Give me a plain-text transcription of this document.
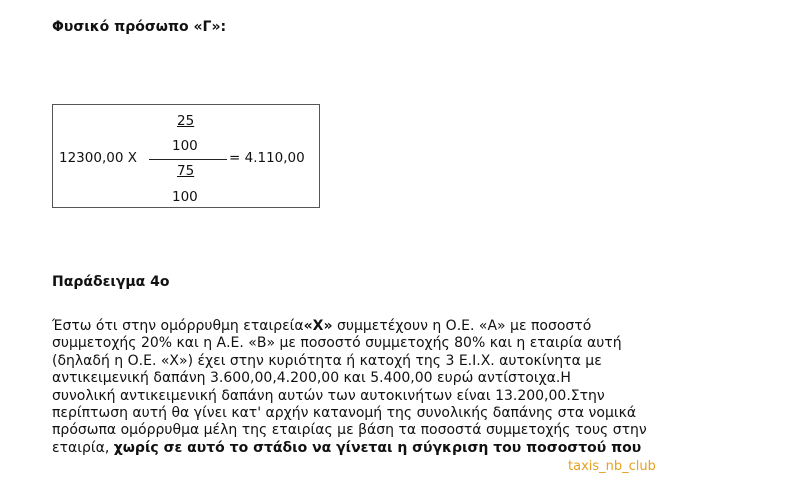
Φυσικό πρόσωπο «Γ»:
25
100
12300,00 Χ	= 4.110,00
75
100
Παράδειγμα 4ο
Έστω ότι στην ομόρρυθμη εταιρεία«Χ» συμμετέχουν η Ο.Ε. «Α» με ποσοστό
συμμετοχής 20% και η Α.Ε. «Β» με ποσοστό συμμετοχής 80% και η εταιρία αυτή
(δηλαδή η Ο.Ε. «Χ») έχει στην κυριότητα ή κατοχή της 3 Ε.Ι.Χ. αυτοκίνητα με
αντικειμενική δαπάνη 3.600,00,4.200,00 και 5.400,00 ευρώ αντίστοιχα.Η
συνολική αντικειμενική δαπάνη αυτών των αυτοκινήτων είναι 13.200,00.Στην
περίπτωση αυτή θα γίνει κατ' αρχήν κατανομή της συνολικής δαπάνης στα νομικά
πρόσωπα ομόρρυθμα μέλη της εταιρίας με βάση τα ποσοστά συμμετοχής τους στην
εταιρία, χωρίς σε αυτό το στάδιο να γίνεται η σύγκριση του ποσοστού που
taxis_nb_club
